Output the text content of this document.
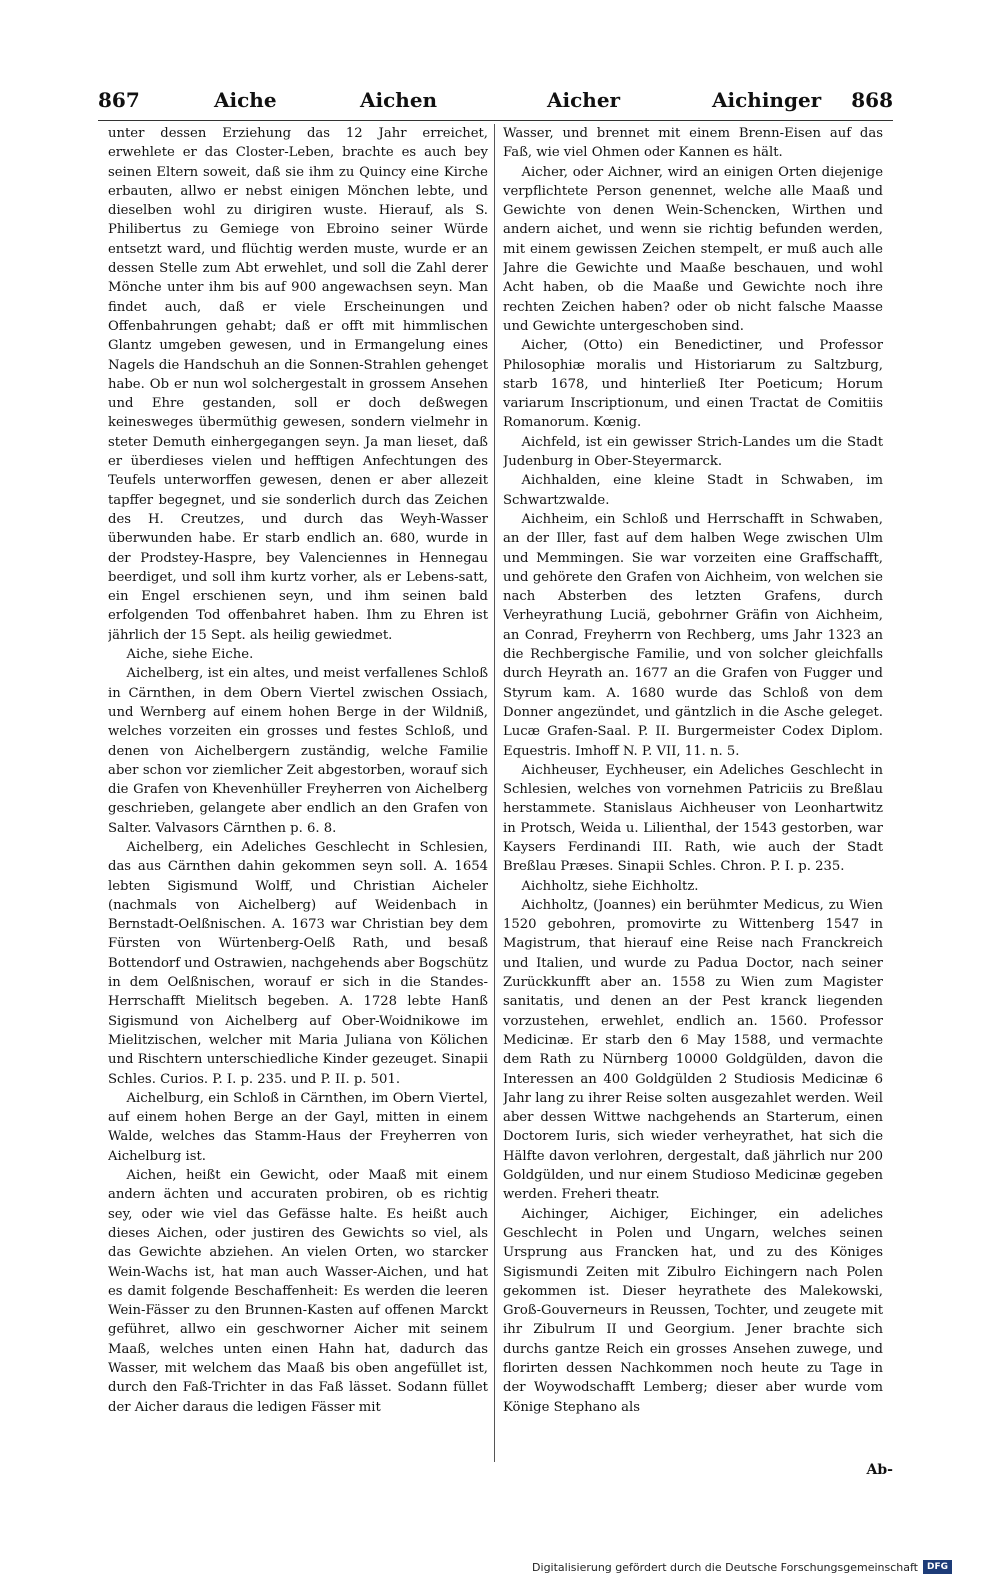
867	Aiche	Aichen	Aicher	Aichinger 868

unter dessen Erziehung das 12 Jahr erreichet, erwehlete er das Closter-Leben, brachte es auch bey seinen Eltern soweit, daß sie ihm zu Quincy eine Kirche erbauten, allwo er nebst einigen Mönchen lebte, und dieselben wohl zu dirigiren wuste. Hierauf, als S. Philibertus zu Gemiege von Ebroino seiner Würde entsetzt ward, und flüchtig werden muste, wurde er an dessen Stelle zum Abt erwehlet, und soll die Zahl derer Mönche unter ihm bis auf 900 angewachsen seyn. Man findet auch, daß er viele Erscheinungen und Offenbahrungen gehabt; daß er offt mit himmlischen Glantz umgeben gewesen, und in Ermangelung eines Nagels die Handschuh an die Sonnen-Strahlen gehenget habe. Ob er nun wol solchergestalt in grossem Ansehen und Ehre gestanden, soll er doch deßwegen keinesweges übermüthig gewesen, sondern vielmehr in steter Demuth einhergegangen seyn. Ja man lieset, daß er überdieses vielen und hefftigen Anfechtungen des Teufels unterworffen gewesen, denen er aber allezeit tapffer begegnet, und sie sonderlich durch das Zeichen des H. Creutzes, und durch das Weyh-Wasser überwunden habe. Er starb endlich an. 680, wurde in der Prodstey-Haspre, bey Valenciennes in Hennegau beerdiget, und soll ihm kurtz vorher, als er Lebens-satt, ein Engel erschienen seyn, und ihm seinen bald erfolgenden Tod offenbahret haben. Ihm zu Ehren ist jährlich der 15 Sept. als heilig gewiedmet.

Aiche, siehe Eiche.

Aichelberg, ist ein altes, und meist verfallenes Schloß in Cärnthen, in dem Obern Viertel zwischen Ossiach, und Wernberg auf einem hohen Berge in der Wildniß, welches vorzeiten ein grosses und festes Schloß, und denen von Aichelbergern zuständig, welche Familie aber schon vor ziemlicher Zeit abgestorben, worauf sich die Grafen von Khevenhüller Freyherren von Aichelberg geschrieben, gelangete aber endlich an den Grafen von Salter. Valvasors Cärnthen p. 6. 8.

Aichelberg, ein Adeliches Geschlecht in Schlesien, das aus Cärnthen dahin gekommen seyn soll. A. 1654 lebten Sigismund Wolff, und Christian Aicheler (nachmals von Aichelberg) auf Weidenbach in Bernstadt-Oelßnischen. A. 1673 war Christian bey dem Fürsten von Würtenberg-Oelß Rath, und besaß Bottendorf und Ostrawien, nachgehends aber Bogschütz in dem Oelßnischen, worauf er sich in die Standes-Herrschafft Mielitsch begeben. A. 1728 lebte Hanß Sigismund von Aichelberg auf Ober-Woidnikowe im Mielitzischen, welcher mit Maria Juliana von Kölichen und Rischtern unterschiedliche Kinder gezeuget. Sinapii Schles. Curios. P. I. p. 235. und P. II. p. 501.

Aichelburg, ein Schloß in Cärnthen, im Obern Viertel, auf einem hohen Berge an der Gayl, mitten in einem Walde, welches das Stamm-Haus der Freyherren von Aichelburg ist.

Aichen, heißt ein Gewicht, oder Maaß mit einem andern ächten und accuraten probiren, ob es richtig sey, oder wie viel das Gefässe halte. Es heißt auch dieses Aichen, oder justiren des Gewichts so viel, als das Gewichte abziehen. An vielen Orten, wo starcker Wein-Wachs ist, hat man auch Wasser-Aichen, und hat es damit folgende Beschaffenheit: Es werden die leeren Wein-Fässer zu den Brunnen-Kasten auf offenen Marckt geführet, allwo ein geschworner Aicher mit seinem Maaß, welches unten einen Hahn hat, dadurch das Wasser, mit welchem das Maaß bis oben angefüllet ist, durch den Faß-Trichter in das Faß lässet. Sodann füllet der Aicher daraus die ledigen Fässer mit

Wasser, und brennet mit einem Brenn-Eisen auf das Faß, wie viel Ohmen oder Kannen es hält.

Aicher, oder Aichner, wird an einigen Orten diejenige verpflichtete Person genennet, welche alle Maaß und Gewichte von denen Wein-Schencken, Wirthen und andern aichet, und wenn sie richtig befunden werden, mit einem gewissen Zeichen stempelt, er muß auch alle Jahre die Gewichte und Maaße beschauen, und wohl Acht haben, ob die Maaße und Gewichte noch ihre rechten Zeichen haben? oder ob nicht falsche Maasse und Gewichte untergeschoben sind.

Aicher, (Otto) ein Benedictiner, und Professor Philosophiæ moralis und Historiarum zu Saltzburg, starb 1678, und hinterließ Iter Poeticum; Horum variarum Inscriptionum, und einen Tractat de Comitiis Romanorum. Kœnig.

Aichfeld, ist ein gewisser Strich-Landes um die Stadt Judenburg in Ober-Steyermarck.

Aichhalden, eine kleine Stadt in Schwaben, im Schwartzwalde.

Aichheim, ein Schloß und Herrschafft in Schwaben, an der Iller, fast auf dem halben Wege zwischen Ulm und Memmingen. Sie war vorzeiten eine Graffschafft, und gehörete den Grafen von Aichheim, von welchen sie nach Absterben des letzten Grafens, durch Verheyrathung Luciä, gebohrner Gräfin von Aichheim, an Conrad, Freyherrn von Rechberg, ums Jahr 1323 an die Rechbergische Familie, und von solcher gleichfalls durch Heyrath an. 1677 an die Grafen von Fugger und Styrum kam. A. 1680 wurde das Schloß von dem Donner angezündet, und gäntzlich in die Asche geleget. Lucæ Grafen-Saal. P. II. Burgermeister Codex Diplom. Equestris. Imhoff N. P. VII, 11. n. 5.

Aichheuser, Eychheuser, ein Adeliches Geschlecht in Schlesien, welches von vornehmen Patriciis zu Breßlau herstammete. Stanislaus Aichheuser von Leonhartwitz in Protsch, Weida u. Lilienthal, der 1543 gestorben, war Kaysers Ferdinandi III. Rath, wie auch der Stadt Breßlau Præses. Sinapii Schles. Chron. P. I. p. 235.

Aichholtz, siehe Eichholtz.

Aichholtz, (Joannes) ein berühmter Medicus, zu Wien 1520 gebohren, promovirte zu Wittenberg 1547 in Magistrum, that hierauf eine Reise nach Franckreich und Italien, und wurde zu Padua Doctor, nach seiner Zurückkunfft aber an. 1558 zu Wien zum Magister sanitatis, und denen an der Pest kranck liegenden vorzustehen, erwehlet, endlich an. 1560. Professor Medicinæ. Er starb den 6 May 1588, und vermachte dem Rath zu Nürnberg 10000 Goldgülden, davon die Interessen an 400 Goldgülden 2 Studiosis Medicinæ 6 Jahr lang zu ihrer Reise solten ausgezahlet werden. Weil aber dessen Wittwe nachgehends an Starterum, einen Doctorem Iuris, sich wieder verheyrathet, hat sich die Hälfte davon verlohren, dergestalt, daß jährlich nur 200 Goldgülden, und nur einem Studioso Medicinæ gegeben werden. Freheri theatr.

Aichinger, Aichiger, Eichinger, ein adeliches Geschlecht in Polen und Ungarn, welches seinen Ursprung aus Francken hat, und zu des Königes Sigismundi Zeiten mit Zibulro Eichingern nach Polen gekommen ist. Dieser heyrathete des Malekowski, Groß-Gouverneurs in Reussen, Tochter, und zeugete mit ihr Zibulrum II und Georgium. Jener brachte sich durchs gantze Reich ein grosses Ansehen zuwege, und florirten dessen Nachkommen noch heute zu Tage in der Woywodschafft Lemberg; dieser aber wurde vom Könige Stephano als

Ab-
Digitalisierung gefördert durch die Deutsche Forschungsgemeinschaft	DFG
